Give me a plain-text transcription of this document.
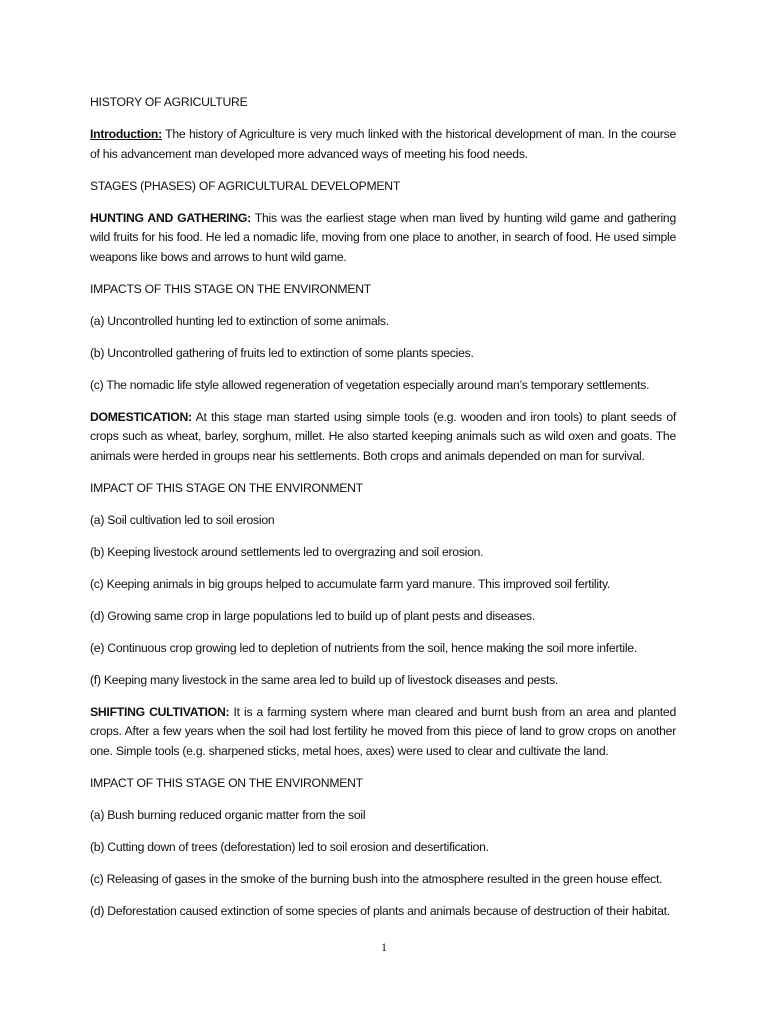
HISTORY OF AGRICULTURE

Introduction: The history of Agriculture is very much linked with the historical development of man. In the course of his advancement man developed more advanced ways of meeting his food needs.

STAGES (PHASES) OF AGRICULTURAL DEVELOPMENT

HUNTING AND GATHERING: This was the earliest stage when man lived by hunting wild game and gathering wild fruits for his food. He led a nomadic life, moving from one place to another, in search of food. He used simple weapons like bows and arrows to hunt wild game.

IMPACTS OF THIS STAGE ON THE ENVIRONMENT

(a) Uncontrolled hunting led to extinction of some animals.

(b) Uncontrolled gathering of fruits led to extinction of some plants species.

(c) The nomadic life style allowed regeneration of vegetation especially around man’s temporary settlements.

DOMESTICATION: At this stage man started using simple tools (e.g. wooden and iron tools) to plant seeds of crops such as wheat, barley, sorghum, millet. He also started keeping animals such as wild oxen and goats. The animals were herded in groups near his settlements. Both crops and animals depended on man for survival.

IMPACT OF THIS STAGE ON THE ENVIRONMENT

(a) Soil cultivation led to soil erosion

(b) Keeping livestock around settlements led to overgrazing and soil erosion.

(c) Keeping animals in big groups helped to accumulate farm yard manure. This improved soil fertility.

(d) Growing same crop in large populations led to build up of plant pests and diseases.

(e) Continuous crop growing led to depletion of nutrients from the soil, hence making the soil more infertile.

(f) Keeping many livestock in the same area led to build up of livestock diseases and pests.

SHIFTING CULTIVATION: It is a farming system where man cleared and burnt bush from an area and planted crops. After a few years when the soil had lost fertility he moved from this piece of land to grow crops on another one. Simple tools (e.g. sharpened sticks, metal hoes, axes) were used to clear and cultivate the land.

IMPACT OF THIS STAGE ON THE ENVIRONMENT

(a) Bush burning reduced organic matter from the soil

(b) Cutting down of trees (deforestation) led to soil erosion and desertification.

(c) Releasing of gases in the smoke of the burning bush into the atmosphere resulted in the green house effect.

(d) Deforestation caused extinction of some species of plants and animals because of destruction of their habitat.

1
